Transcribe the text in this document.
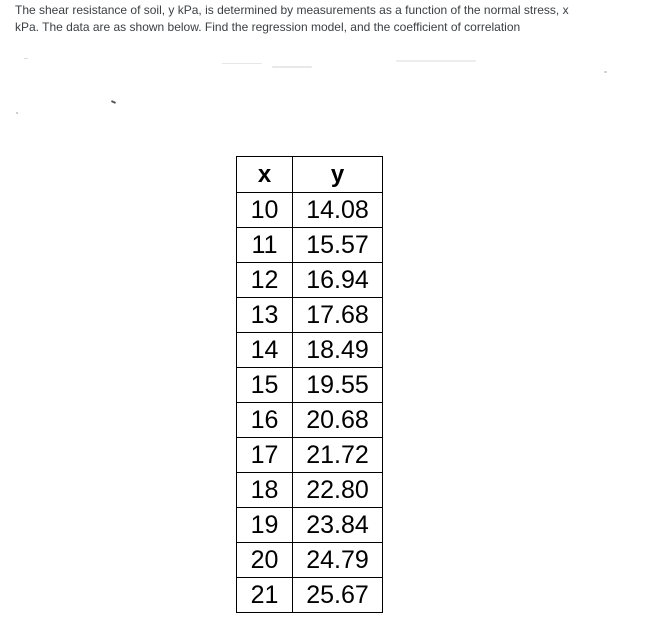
The shear resistance of soil, y kPa, is determined by measurements as a function of the normal stress, x
kPa. The data are as shown below. Find the regression model, and the coefficient of correlation

x	y
10	14.08
11	15.57
12	16.94
13	17.68
14	18.49
15	19.55
16	20.68
17	21.72
18	22.80
19	23.84
20	24.79
21	25.67
